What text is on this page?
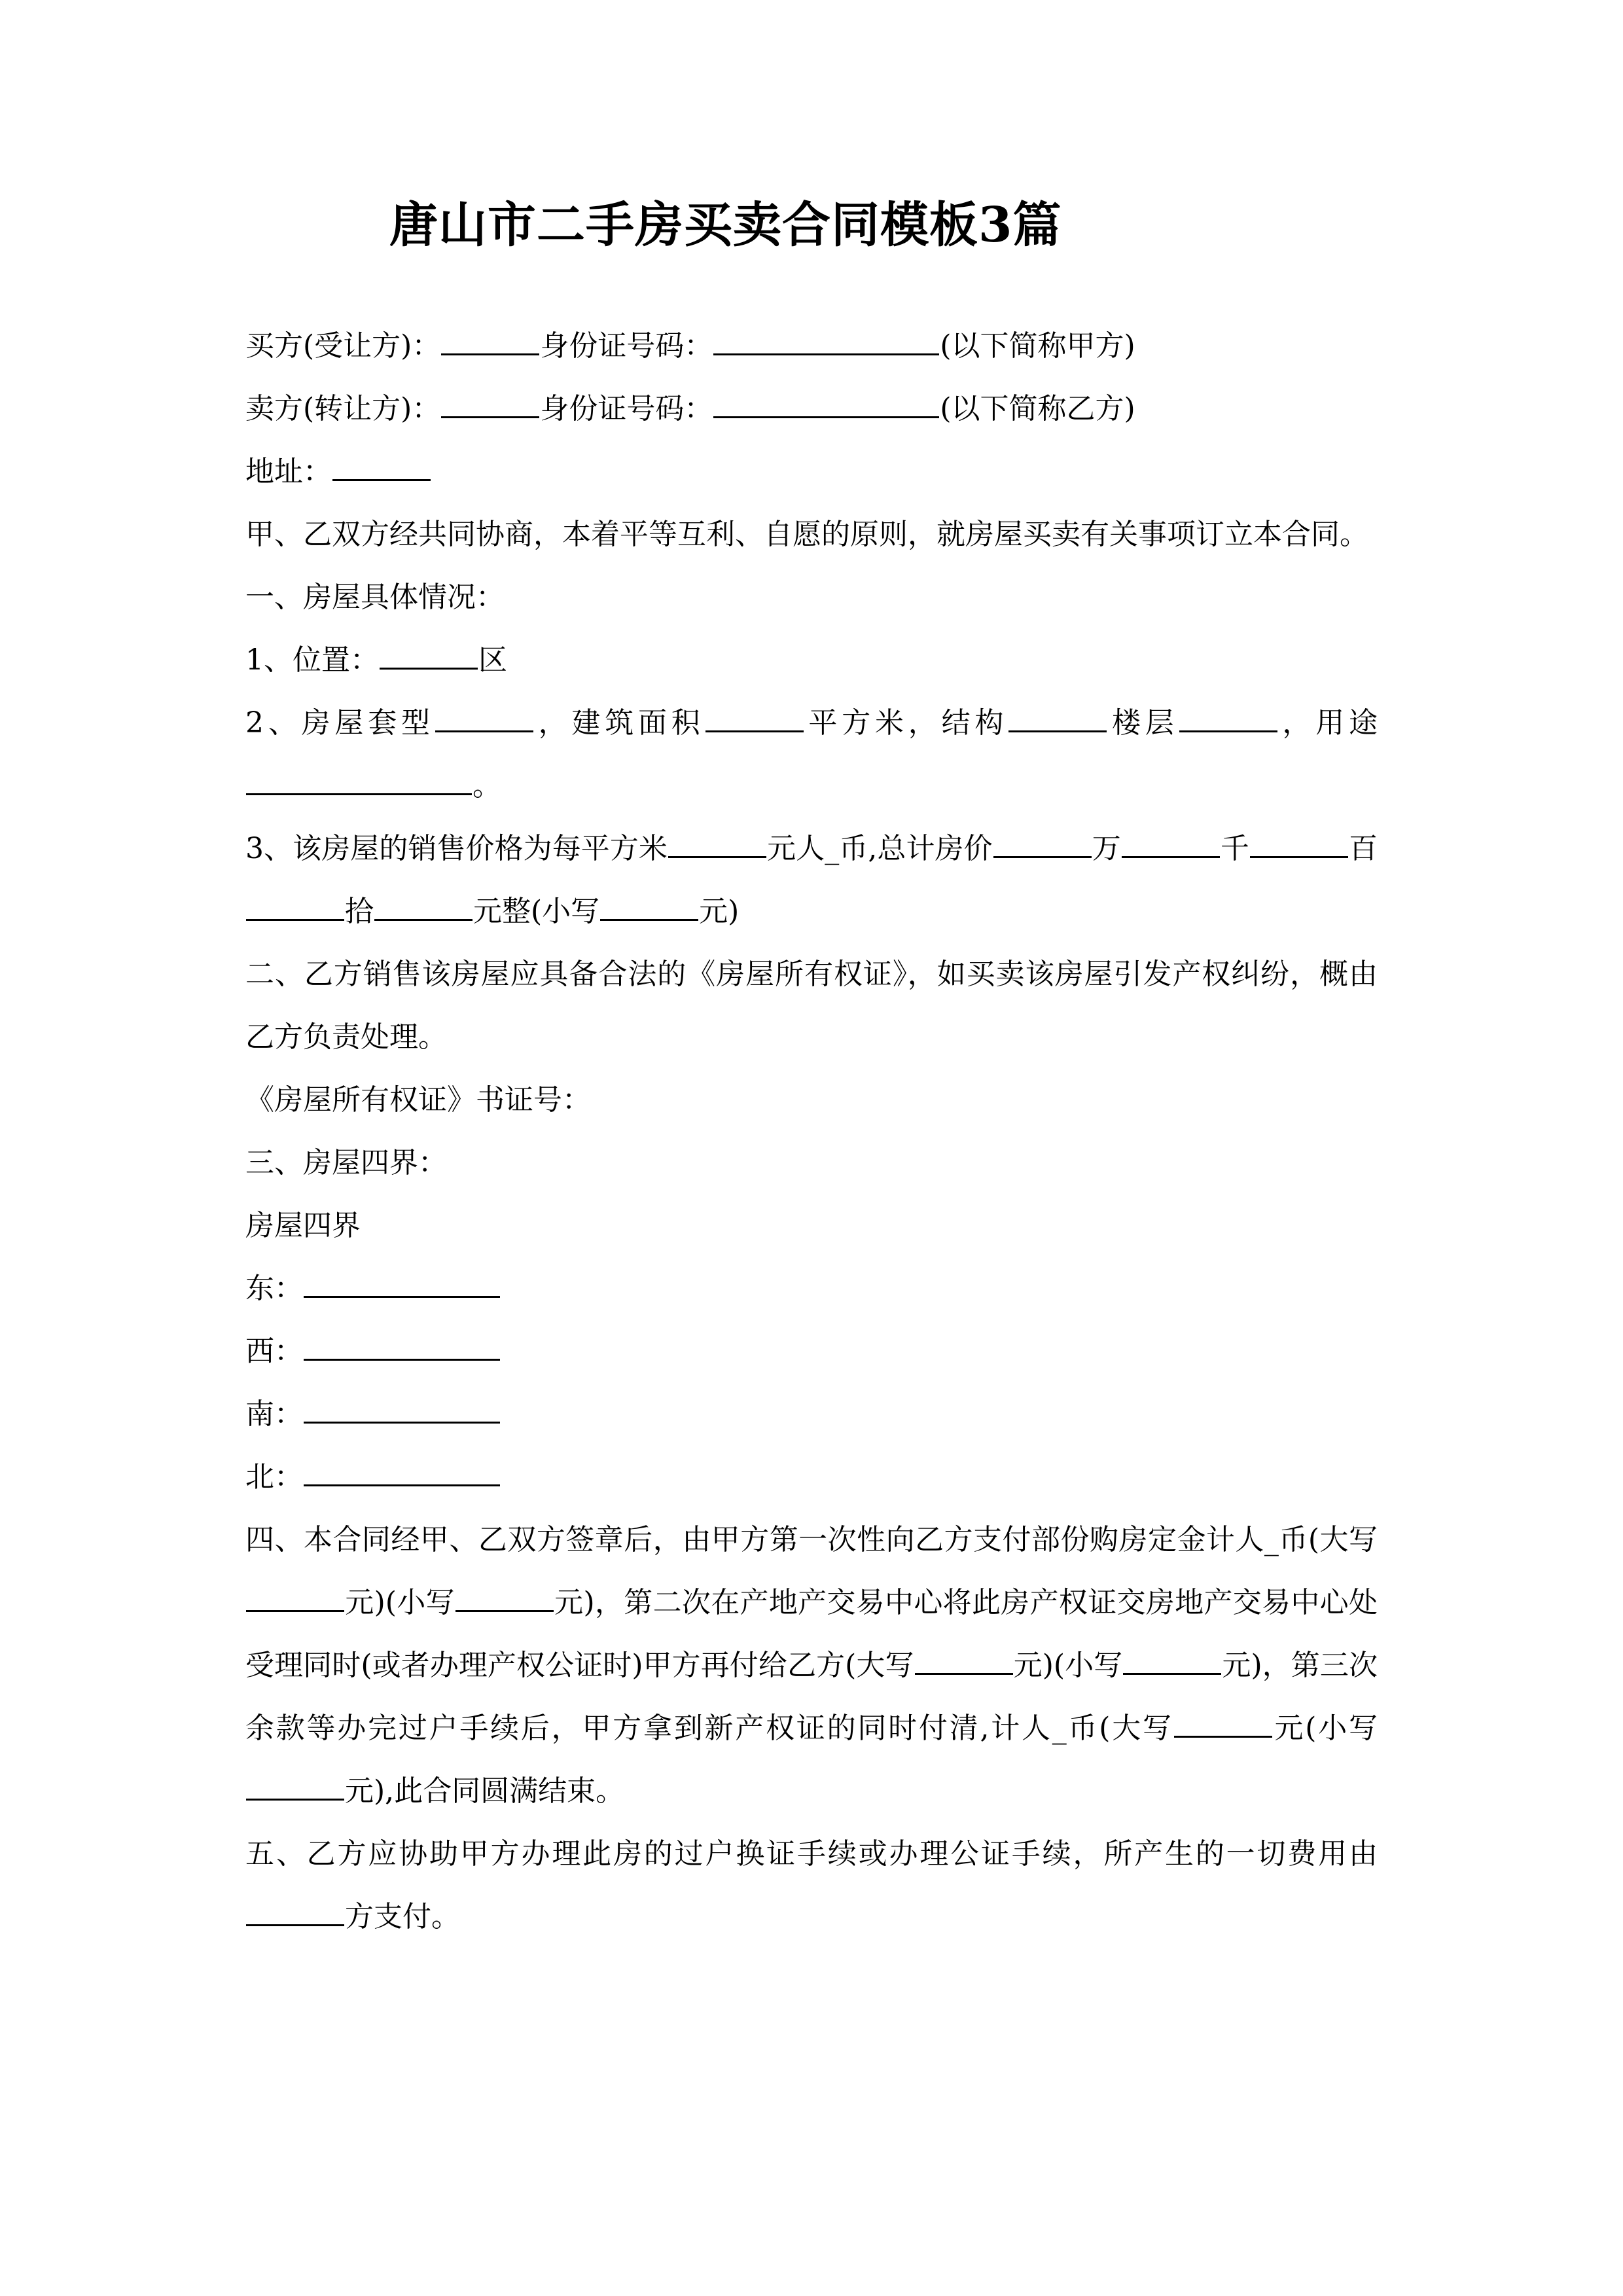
唐山市二手房买卖合同模板3篇

买方(受让方)：	身份证号码：	(以下简称甲方)

卖方(转让方)：	身份证号码：	(以下简称乙方)

地址：

甲、乙双方经共同协商，本着平等互利、自愿的原则，就房屋买卖有关事项订立本合同。

一、房屋具体情况：

1、位置：	区

2、房屋套型	，建筑面积	平方米，结构	楼层	，用途。

3、该房屋的销售价格为每平方米	元人_币,总计房价	万	千	百拾	元整(小写	元)

二、乙方销售该房屋应具备合法的《房屋所有权证》，如买卖该房屋引发产权纠纷，概由乙方负责处理。

《房屋所有权证》书证号：

三、房屋四界：

房屋四界

东：

西：

南：

北：

四、本合同经甲、乙双方签章后，由甲方第一次性向乙方支付部份购房定金计人_币(大写元)(小写	元)，第二次在产地产交易中心将此房产权证交房地产交易中心处受理同时(或者办理产权公证时)甲方再付给乙方(大写	元)(小写	元)，第三次余款等办完过户手续后，甲方拿到新产权证的同时付清,计人_币(大写	元(小写元),此合同圆满结束。

五、乙方应协助甲方办理此房的过户换证手续或办理公证手续，所产生的一切费用由方支付。
